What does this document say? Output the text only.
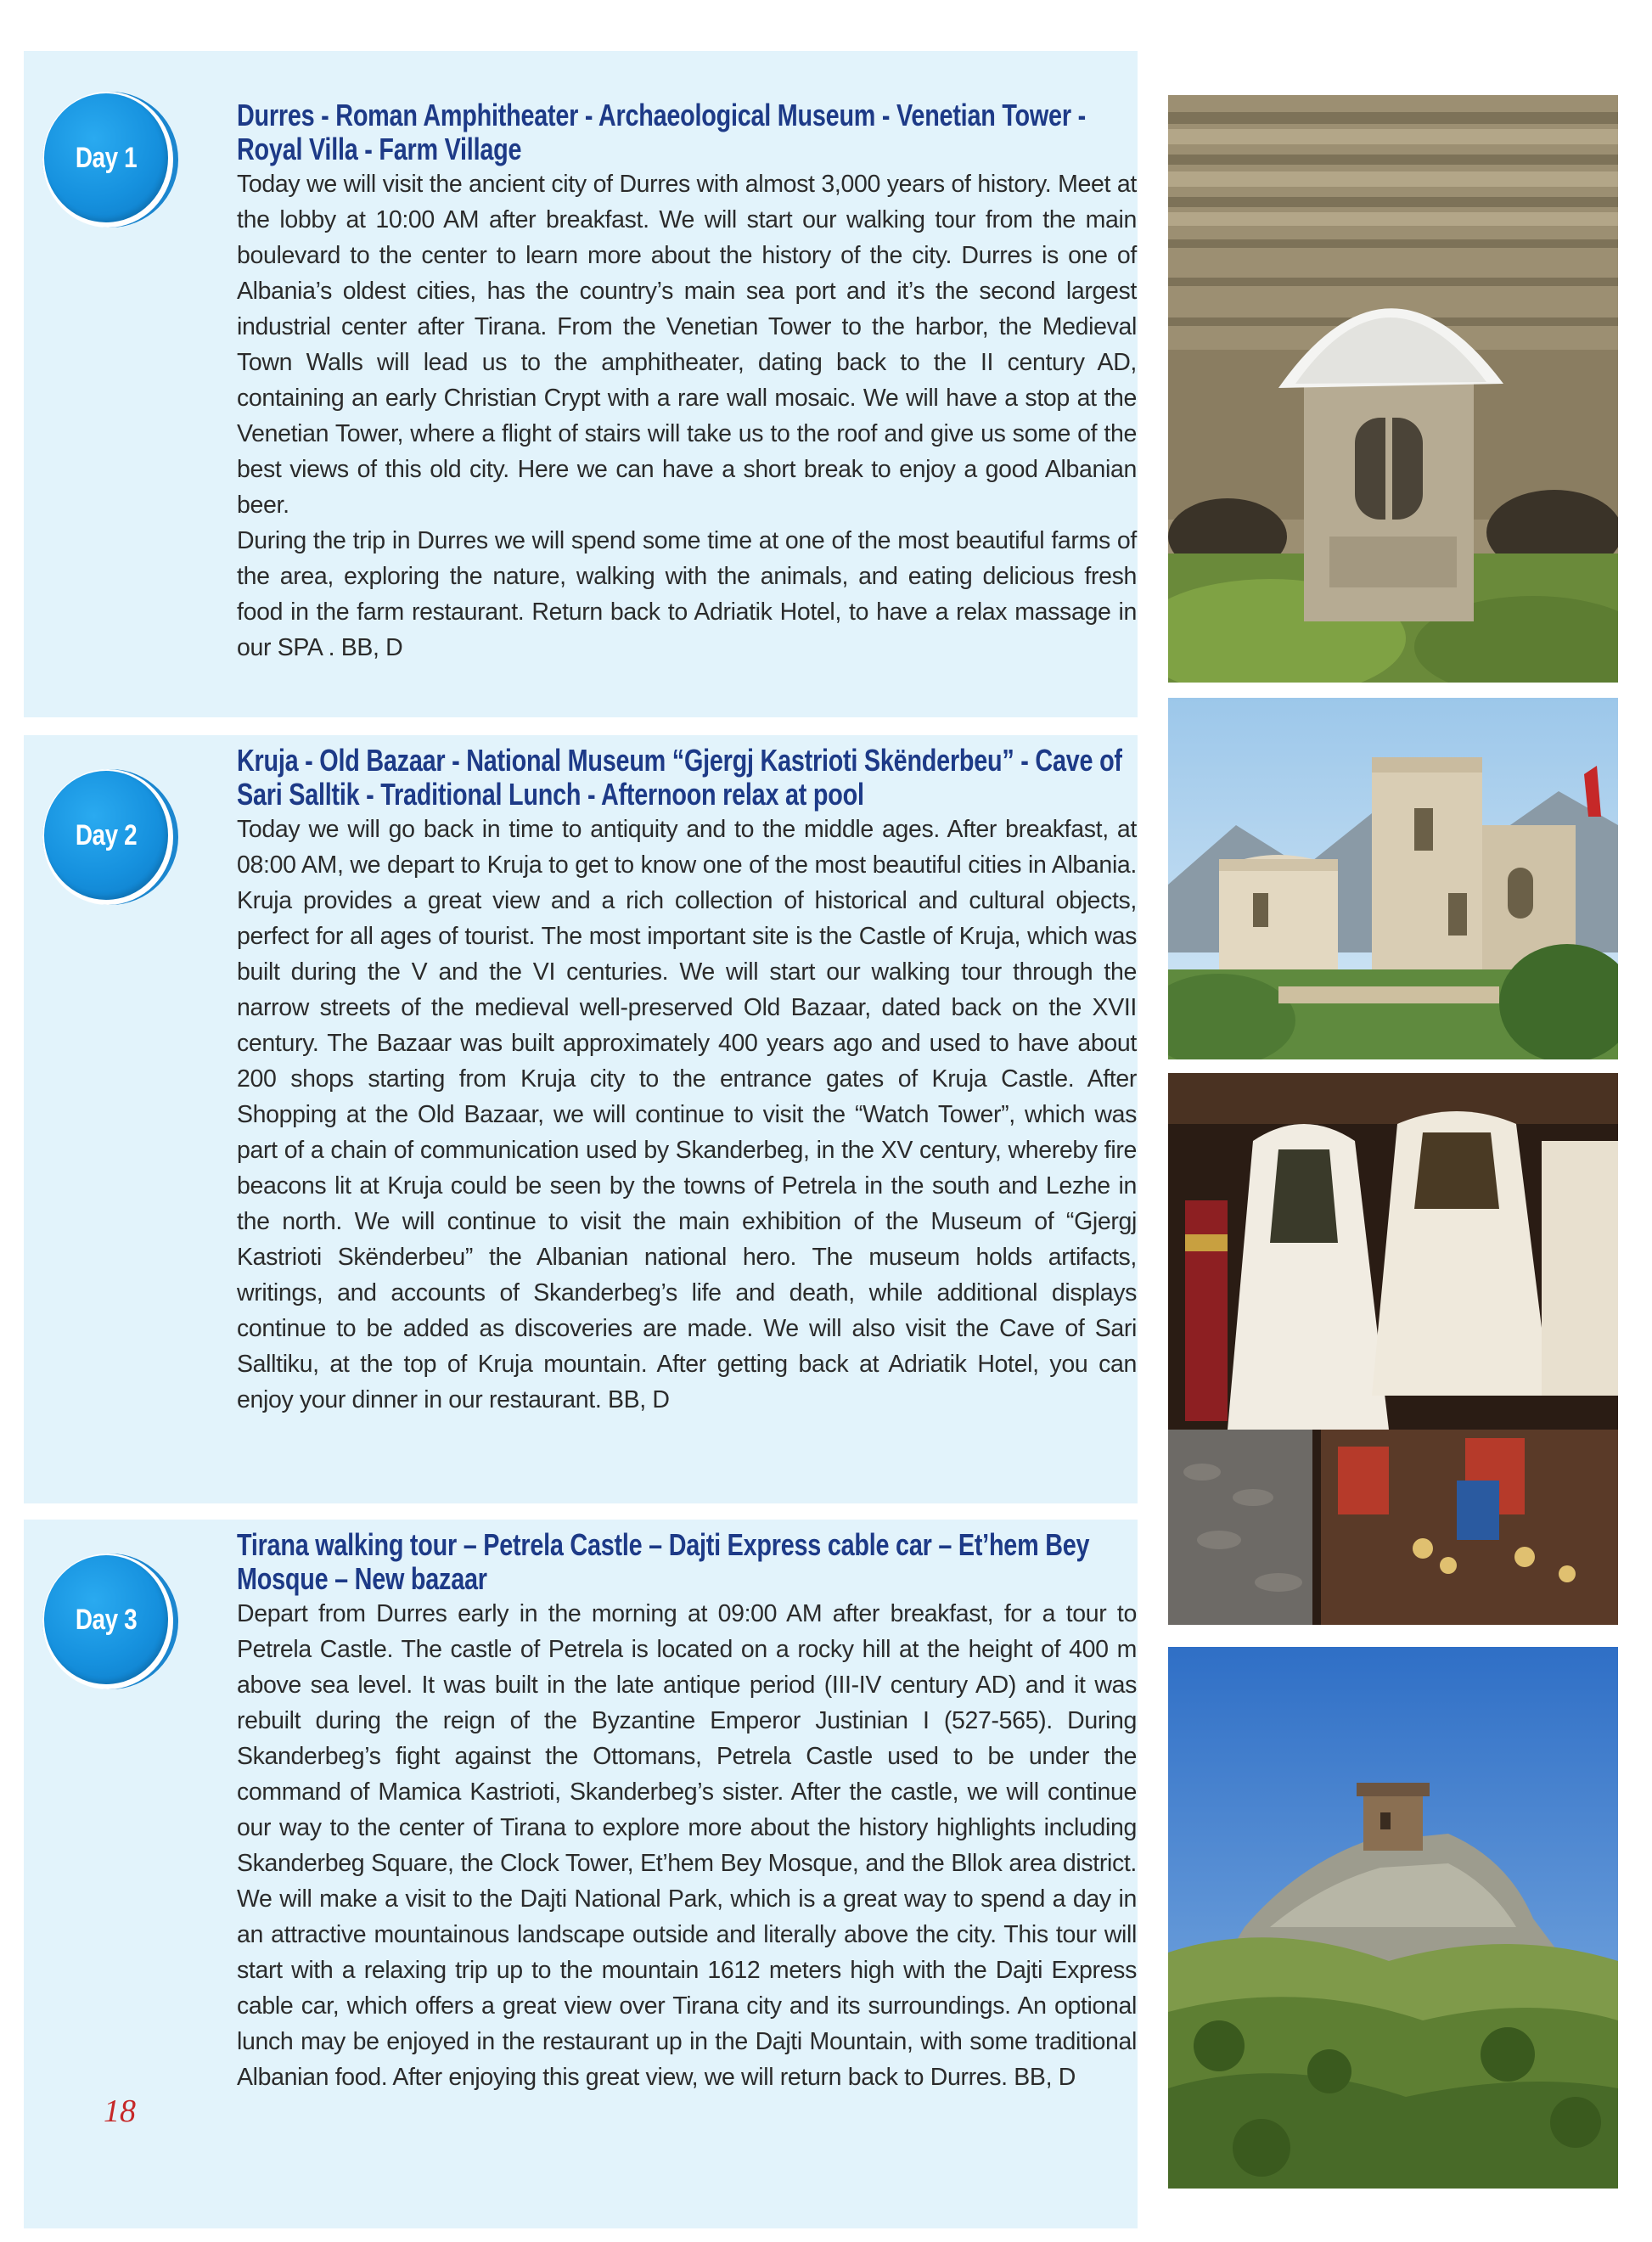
Day 1
Durres - Roman Amphitheater - Archaeological Museum - Venetian Tower - Royal Villa - Farm Village

Today we will visit the ancient city of Durres with almost 3,000 years of history. Meet at the lobby at 10:00 AM after breakfast. We will start our walking tour from the main boulevard to the center to learn more about the history of the city. Durres is one of Albania’s oldest cities, has the country’s main sea port and it’s the second largest industrial center after Tirana. From the Venetian Tower to the harbor, the Medieval Town Walls will lead us to the amphitheater, dating back to the II century AD, containing an early Christian Crypt with a rare wall mosaic. We will have a stop at the Venetian Tower, where a flight of stairs will take us to the roof and give us some of the best views of this old city. Here we can have a short break to enjoy a good Albanian beer.

During the trip in Durres we will spend some time at one of the most beautiful farms of the area, exploring the nature, walking with the animals, and eating delicious fresh food in the farm restaurant. Return back to Adriatik Hotel, to have a relax massage in our SPA . BB, D

Day 2
Kruja - Old Bazaar - National Museum “Gjergj Kastrioti Skënderbeu” - Cave of Sari Salltik - Traditional Lunch - Afternoon relax at pool

Today we will go back in time to antiquity and to the middle ages. After breakfast, at 08:00 AM, we depart to Kruja to get to know one of the most beautiful cities in Albania. Kruja provides a great view and a rich collection of historical and cultural objects, perfect for all ages of tourist. The most important site is the Castle of Kruja, which was built during the V and the VI centuries. We will start our walking tour through the narrow streets of the medieval well-preserved Old Bazaar, dated back on the XVII century. The Bazaar was built approximately 400 years ago and used to have about 200 shops starting from Kruja city to the entrance gates of Kruja Castle. After Shopping at the Old Bazaar, we will continue to visit the “Watch Tower”, which was part of a chain of communication used by Skanderbeg, in the XV century, whereby fire beacons lit at Kruja could be seen by the towns of Petrela in the south and Lezhe in the north. We will continue to visit the main exhibition of the Museum of “Gjergj Kastrioti Skënderbeu” the Albanian national hero. The museum holds artifacts, writings, and accounts of Skanderbeg’s life and death, while additional displays continue to be added as discoveries are made. We will also visit the Cave of Sari Salltiku, at the top of Kruja mountain. After getting back at Adriatik Hotel, you can enjoy your dinner in our restaurant. BB, D

Day 3
Tirana walking tour – Petrela Castle – Dajti Express cable car – Et’hem Bey Mosque – New bazaar

Depart from Durres early in the morning at 09:00 AM after breakfast, for a tour to Petrela Castle. The castle of Petrela is located on a rocky hill at the height of 400 m above sea level. It was built in the late antique period (III-IV century AD) and it was rebuilt during the reign of the Byzantine Emperor Justinian I (527-565). During Skanderbeg’s fight against the Ottomans, Petrela Castle used to be under the command of Mamica Kastrioti, Skanderbeg’s sister. After the castle, we will continue our way to the center of Tirana to explore more about the history highlights including Skanderbeg Square, the Clock Tower, Et’hem Bey Mosque, and the Bllok area district. We will make a visit to the Dajti National Park, which is a great way to spend a day in an attractive mountainous landscape outside and literally above the city. This tour will start with a relaxing trip up to the mountain 1612 meters high with the Dajti Express cable car, which offers a great view over Tirana city and its surroundings. An optional lunch may be enjoyed in the restaurant up in the Dajti Mountain, with some traditional Albanian food. After enjoying this great view, we will return back to Durres. BB, D

18
